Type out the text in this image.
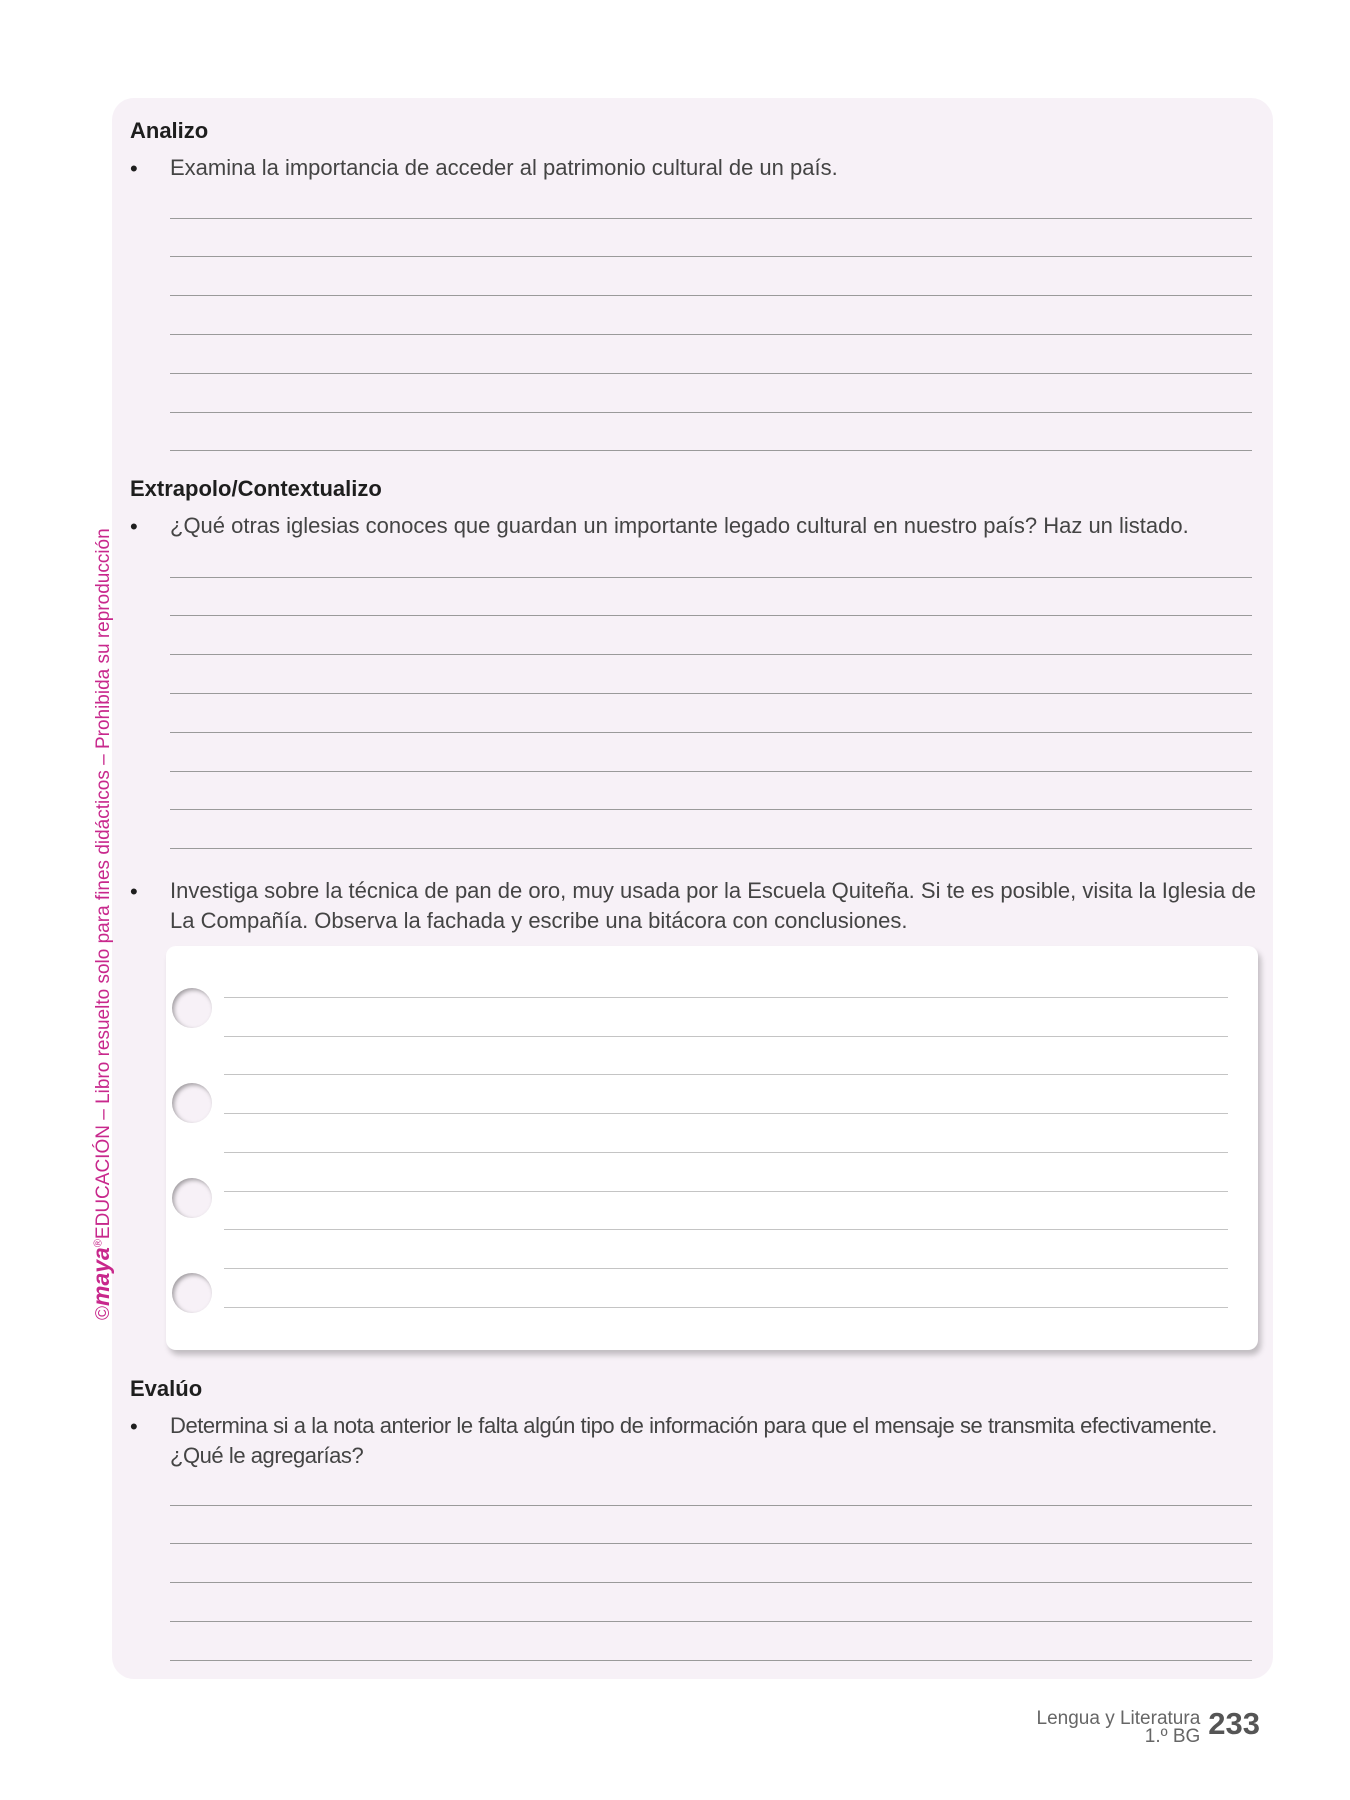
Analizo
• Examina la importancia de acceder al patrimonio cultural de un país.
Extrapolo/Contextualizo
• ¿Qué otras iglesias conoces que guardan un importante legado cultural en nuestro país? Haz un listado.
• Investiga sobre la técnica de pan de oro, muy usada por la Escuela Quiteña. Si te es posible, visita la Iglesia de La Compañía. Observa la fachada y escribe una bitácora con conclusiones.
Evalúo
• Determina si a la nota anterior le falta algún tipo de información para que el mensaje se transmita efectivamente. ¿Qué le agregarías?
©maya®EDUCACIÓN – Libro resuelto solo para fines didácticos – Prohibida su reproducción
Lengua y Literatura
1.º BG 233
